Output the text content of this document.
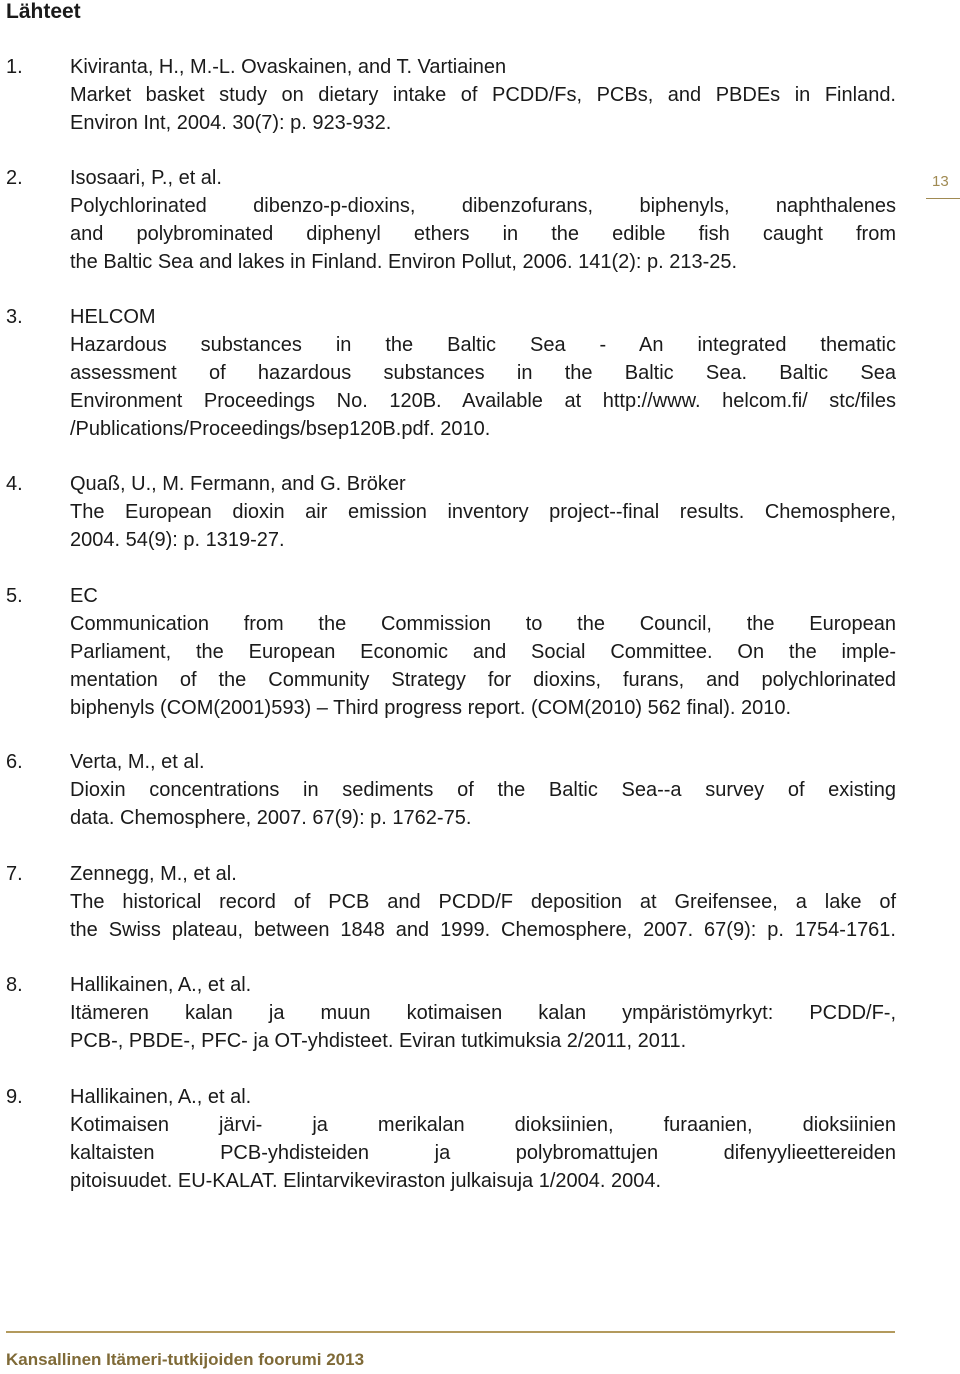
Lähteet
1. Kiviranta, H., M.-L. Ovaskainen, and T. Vartiainen
Market basket study on dietary intake of PCDD/Fs, PCBs, and PBDEs in Finland.
Environ Int, 2004. 30(7): p. 923-932.
2. Isosaari, P., et al.
Polychlorinated dibenzo-p-dioxins, dibenzofurans, biphenyls, naphthalenes
and polybrominated diphenyl ethers in the edible fish caught from
the Baltic Sea and lakes in Finland. Environ Pollut, 2006. 141(2): p. 213-25.
3. HELCOM
Hazardous substances in the Baltic Sea - An integrated thematic
assessment of hazardous substances in the Baltic Sea. Baltic Sea
Environment Proceedings No. 120B. Available at http://www. helcom.fi/ stc/files
/Publications/Proceedings/bsep120B.pdf. 2010.
4. Quaß, U., M. Fermann, and G. Bröker
The European dioxin air emission inventory project--final results. Chemosphere,
2004. 54(9): p. 1319-27.
5. EC
Communication from the Commission to the Council, the European
Parliament, the European Economic and Social Committee. On the imple-
mentation of the Community Strategy for dioxins, furans, and polychlorinated
biphenyls (COM(2001)593) – Third progress report. (COM(2010) 562 final). 2010.
6. Verta, M., et al.
Dioxin concentrations in sediments of the Baltic Sea--a survey of existing
data. Chemosphere, 2007. 67(9): p. 1762-75.
7. Zennegg, M., et al.
The historical record of PCB and PCDD/F deposition at Greifensee, a lake of
the Swiss plateau, between 1848 and 1999. Chemosphere, 2007. 67(9): p. 1754-1761.
8. Hallikainen, A., et al.
Itämeren kalan ja muun kotimaisen kalan ympäristömyrkyt: PCDD/F-,
PCB-, PBDE-, PFC- ja OT-yhdisteet. Eviran tutkimuksia 2/2011, 2011.
9. Hallikainen, A., et al.
Kotimaisen järvi- ja merikalan dioksiinien, furaanien, dioksiinien
kaltaisten PCB-yhdisteiden ja polybromattujen difenyylieettereiden
pitoisuudet. EU-KALAT. Elintarvikeviraston julkaisuja 1/2004. 2004.
13
Kansallinen Itämeri-tutkijoiden foorumi 2013
